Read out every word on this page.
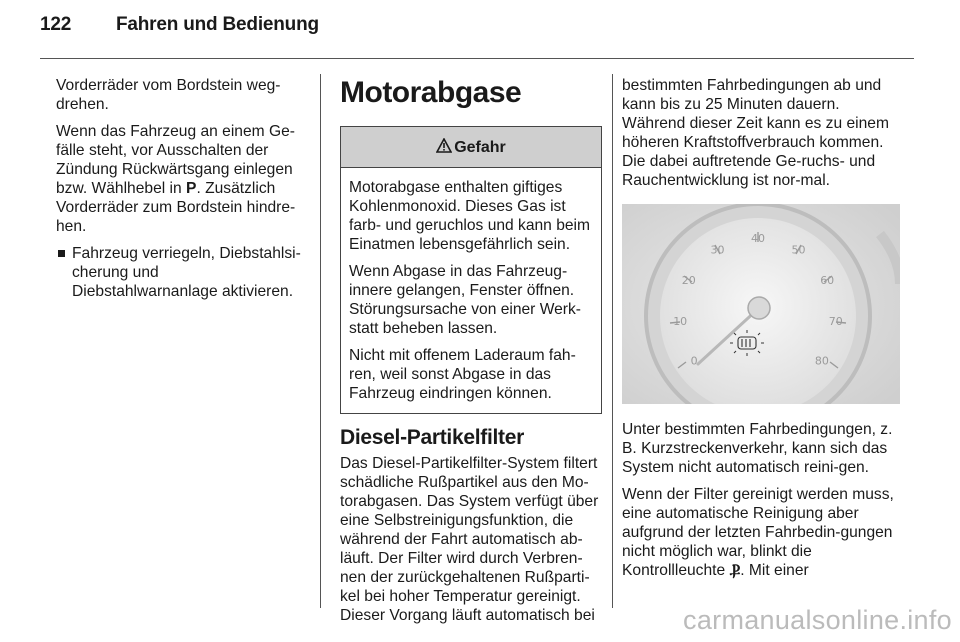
122 Fahren und Bedienung

Vorderräder vom Bordstein weg-drehen.

Wenn das Fahrzeug an einem Ge-fälle steht, vor Ausschalten der Zündung Rückwärtsgang einlegen bzw. Wählhebel in P. Zusätzlich Vorderräder zum Bordstein hindre-hen.

Fahrzeug verriegeln, Diebstahlsi-cherung und Diebstahlwarnanlage aktivieren.

Motorabgase
Gefahr

Motorabgase enthalten giftiges Kohlenmonoxid. Dieses Gas ist farb- und geruchlos und kann beim Einatmen lebensgefährlich sein.

Wenn Abgase in das Fahrzeug-innere gelangen, Fenster öffnen. Störungsursache von einer Werk-statt beheben lassen.

Nicht mit offenem Laderaum fah-ren, weil sonst Abgase in das Fahrzeug eindringen können.

Diesel-Partikelfilter

Das Diesel-Partikelfilter-System filtert schädliche Rußpartikel aus den Mo-torabgasen. Das System verfügt über eine Selbstreinigungsfunktion, die während der Fahrt automatisch ab-läuft. Der Filter wird durch Verbren-nen der zurückgehaltenen Rußparti-kel bei hoher Temperatur gereinigt. Dieser Vorgang läuft automatisch bei

bestimmten Fahrbedingungen ab und kann bis zu 25 Minuten dauern. Während dieser Zeit kann es zu einem höheren Kraftstoffverbrauch kommen. Die dabei auftretende Ge-ruchs- und Rauchentwicklung ist nor-mal.

0
10
20
30
40
50
60
70
80

Unter bestimmten Fahrbedingungen, z. B. Kurzstreckenverkehr, kann sich das System nicht automatisch reini-gen.

Wenn der Filter gereinigt werden muss, eine automatische Reinigung aber aufgrund der letzten Fahrbedin-gungen nicht möglich war, blinkt die Kontrollleuchte Ⳁ. Mit einer

carmanualsonline.info
